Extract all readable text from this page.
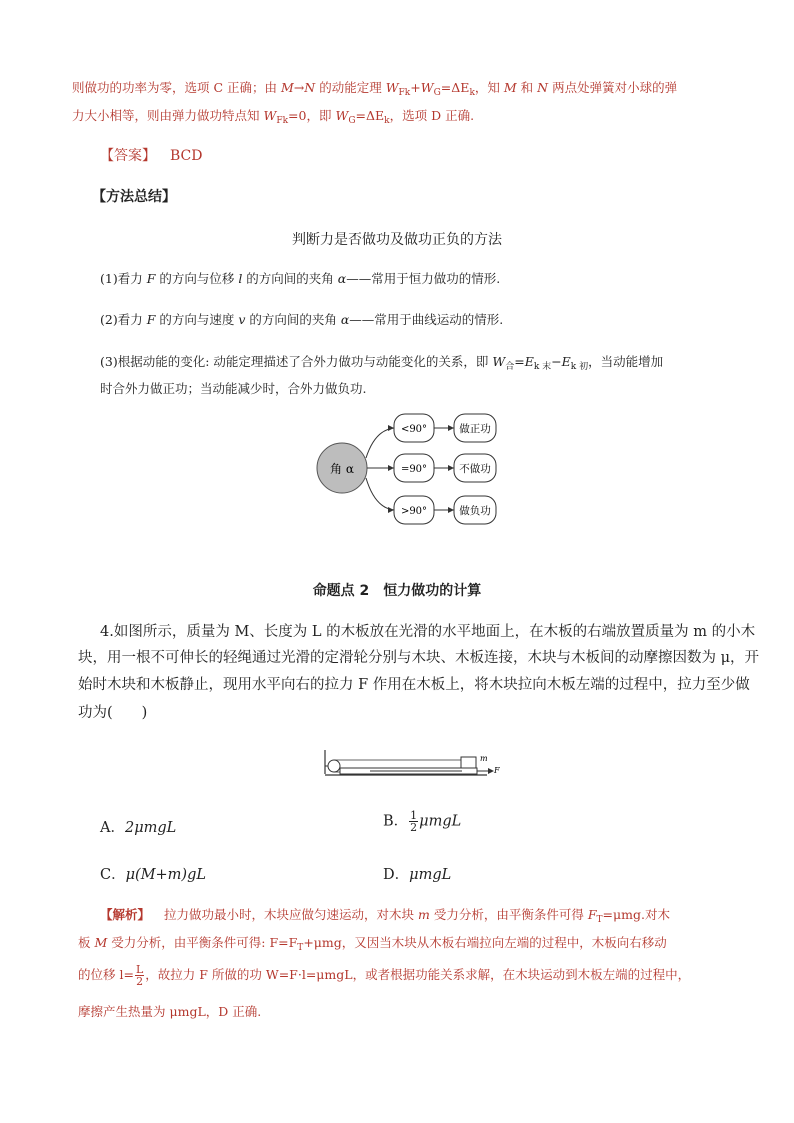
则做功的功率为零，选项 C 正确；由 M→N 的动能定理 $W_{Fk}+W_G=\Delta E_k$，知 M 和 N 两点处弹簧对小球的弹
力大小相等，则由弹力做功特点知 $W_{Fk}=0$，即 $W_G=\Delta E_k$，选项 D 正确.
【答案】 BCD
【方法总结】
判断力是否做功及做功正负的方法
(1)看力 F 的方向与位移 l 的方向间的夹角 α——常用于恒力做功的情形.
(2)看力 F 的方向与速度 v 的方向间的夹角 α——常用于曲线运动的情形.
(3)根据动能的变化: 动能定理描述了合外力做功与动能变化的关系，即 $W_合=E_{k 末}-E_{k 初}$，当动能增加
时合外力做正功；当动能减少时，合外力做负功.
角 α
<90°
=90°
>90°
做正功
不做功
做负功
命题点 2　恒力做功的计算
4.如图所示，质量为 M、长度为 L 的木板放在光滑的水平地面上，在木板的右端放置质量为 m 的小木
块，用一根不可伸长的轻绳通过光滑的定滑轮分别与木块、木板连接，木块与木板间的动摩擦因数为 μ，开
始时木块和木板静止，现用水平向右的拉力 F 作用在木板上，将木块拉向木板左端的过程中，拉力至少做
功为(　　)
m
F
A．2μmgL	B． $\frac{1}{2}$ μmgL
C．μ(M+m)gL	D．μmgL
【解析】 拉力做功最小时，木块应做匀速运动，对木块 m 受力分析，由平衡条件可得 $F_T=\mu mg$.对木
板 M 受力分析，由平衡条件可得: $F=F_T+\mu mg$，又因当木块从木板右端拉向左端的过程中，木板向右移动
的位移 $l= \frac{L}{2}$ ，故拉力 F 所做的功 W=F·l=μmgL，或者根据功能关系求解，在木块运动到木板左端的过程中，
摩擦产生热量为 μmgL，D 正确.
